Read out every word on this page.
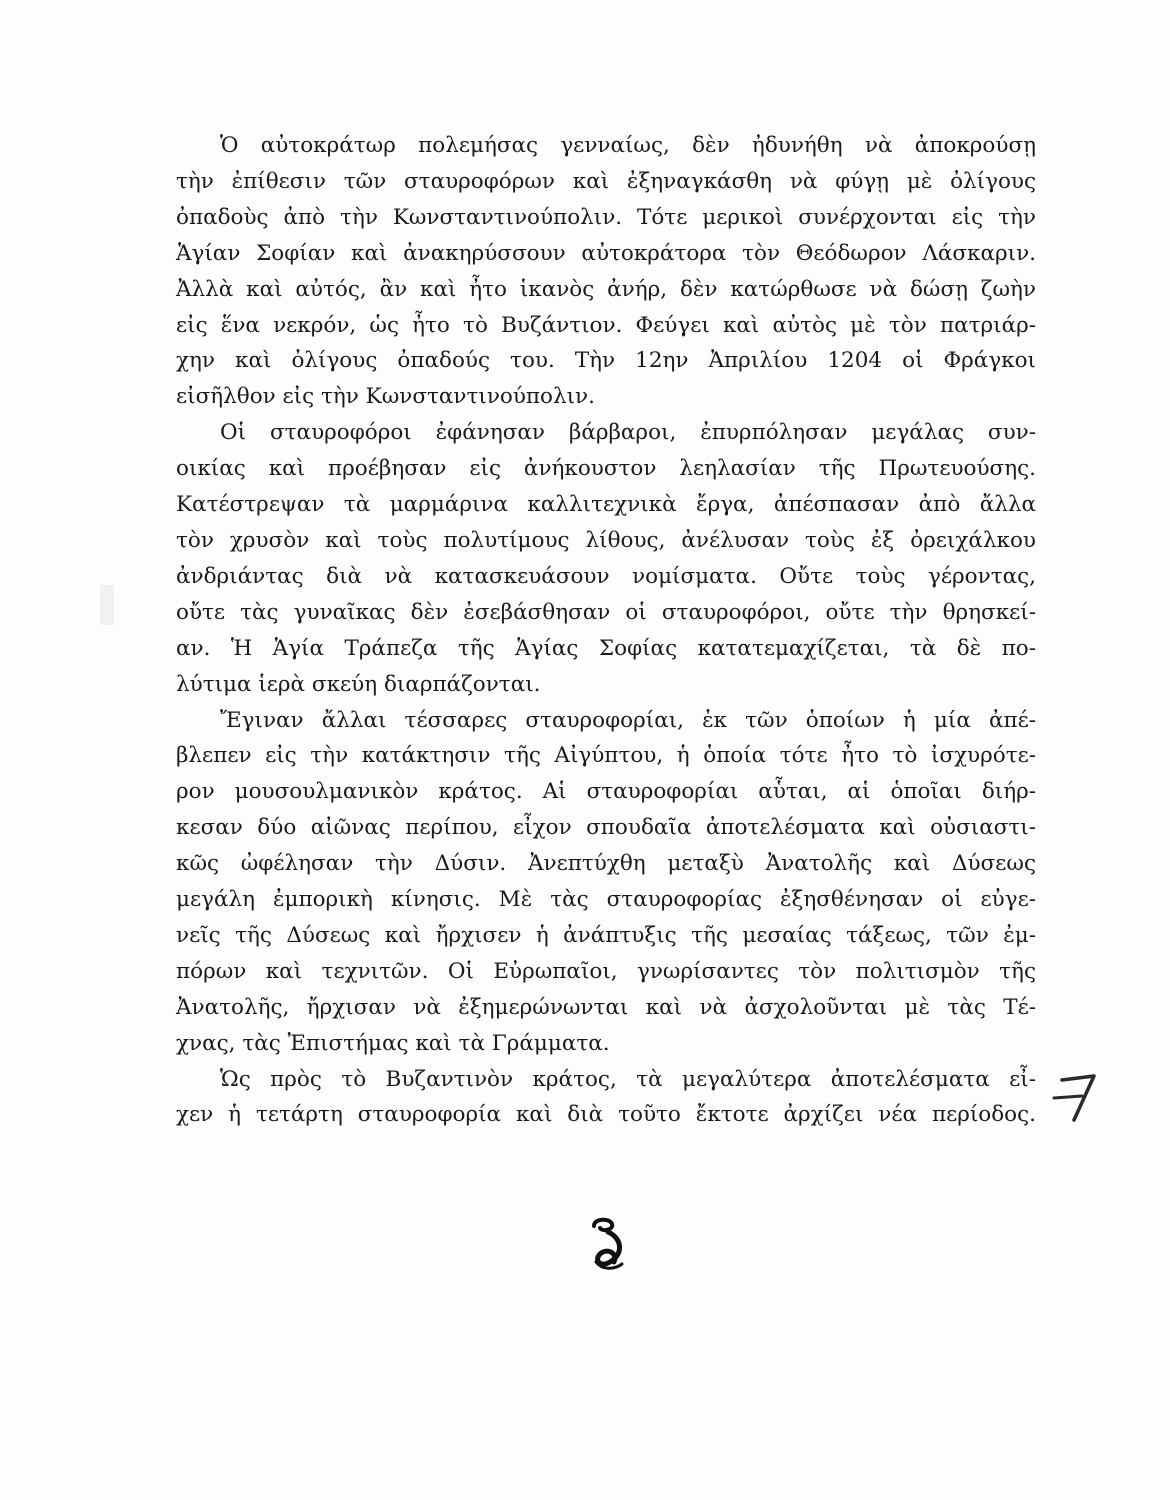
Ὁ αὐτοκράτωρ πολεμήσας γενναίως, δὲν ἠδυνήθη νὰ ἀποκρούσῃ
τὴν ἐπίθεσιν τῶν σταυροφόρων καὶ ἐξηναγκάσθη νὰ φύγῃ μὲ ὀλίγους
ὀπαδοὺς ἀπὸ τὴν Κωνσταντινούπολιν. Τότε μερικοὶ συνέρχονται εἰς τὴν
Ἁγίαν Σοφίαν καὶ ἀνακηρύσσουν αὐτοκράτορα τὸν Θεόδωρον Λάσκαριν.
Ἀλλὰ καὶ αὐτός, ἂν καὶ ἦτο ἱκανὸς ἀνήρ, δὲν κατώρθωσε νὰ δώσῃ ζωὴν
εἰς ἕνα νεκρόν, ὡς ἦτο τὸ Βυζάντιον. Φεύγει καὶ αὐτὸς μὲ τὸν πατριάρ-
χην καὶ ὀλίγους ὀπαδούς του. Τὴν 12ην Ἀπριλίου 1204 οἱ Φράγκοι
εἰσῆλθον εἰς τὴν Κωνσταντινούπολιν.

Οἱ σταυροφόροι ἐφάνησαν βάρβαροι, ἐπυρπόλησαν μεγάλας συν-
οικίας καὶ προέβησαν εἰς ἀνήκουστον λεηλασίαν τῆς Πρωτευούσης.
Κατέστρεψαν τὰ μαρμάρινα καλλιτεχνικὰ ἔργα, ἀπέσπασαν ἀπὸ ἄλλα
τὸν χρυσὸν καὶ τοὺς πολυτίμους λίθους, ἀνέλυσαν τοὺς ἐξ ὀρειχάλκου
ἀνδριάντας διὰ νὰ κατασκευάσουν νομίσματα. Οὔτε τοὺς γέροντας,
οὔτε τὰς γυναῖκας δὲν ἐσεβάσθησαν οἱ σταυροφόροι, οὔτε τὴν θρησκεί-
αν. Ἡ Ἁγία Τράπεζα τῆς Ἁγίας Σοφίας κατατεμαχίζεται, τὰ δὲ πο-
λύτιμα ἱερὰ σκεύη διαρπάζονται.

Ἔγιναν ἄλλαι τέσσαρες σταυροφορίαι, ἐκ τῶν ὁποίων ἡ μία ἀπέ-
βλεπεν εἰς τὴν κατάκτησιν τῆς Αἰγύπτου, ἡ ὁποία τότε ἦτο τὸ ἰσχυρότε-
ρον μουσουλμανικὸν κράτος. Αἱ σταυροφορίαι αὗται, αἱ ὁποῖαι διήρ-
κεσαν δύο αἰῶνας περίπου, εἶχον σπουδαῖα ἀποτελέσματα καὶ οὐσιαστι-
κῶς ὠφέλησαν τὴν Δύσιν. Ἀνεπτύχθη μεταξὺ Ἀνατολῆς καὶ Δύσεως
μεγάλη ἐμπορικὴ κίνησις. Μὲ τὰς σταυροφορίας ἐξησθένησαν οἱ εὐγε-
νεῖς τῆς Δύσεως καὶ ἤρχισεν ἡ ἀνάπτυξις τῆς μεσαίας τάξεως, τῶν ἐμ-
πόρων καὶ τεχνιτῶν. Οἱ Εὐρωπαῖοι, γνωρίσαντες τὸν πολιτισμὸν τῆς
Ἀνατολῆς, ἤρχισαν νὰ ἐξημερώνωνται καὶ νὰ ἀσχολοῦνται μὲ τὰς Τέ-
χνας, τὰς Ἐπιστήμας καὶ τὰ Γράμματα.

Ὡς πρὸς τὸ Βυζαντινὸν κράτος, τὰ μεγαλύτερα ἀποτελέσματα εἶ-
χεν ἡ τετάρτη σταυροφορία καὶ διὰ τοῦτο ἔκτοτε ἀρχίζει νέα περίοδος.
